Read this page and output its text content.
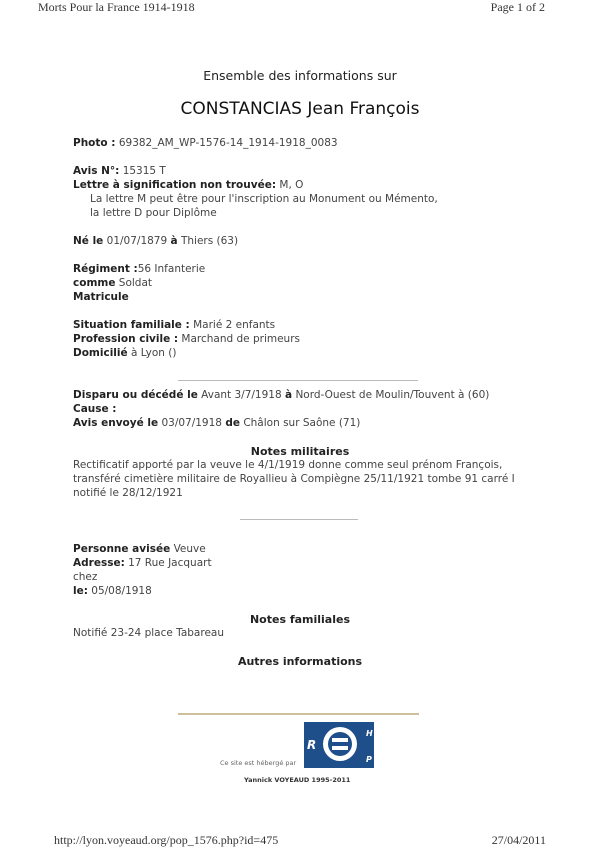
Morts Pour la France 1914-1918	Page 1 of 2
Ensemble des informations sur
CONSTANCIAS Jean François
Photo : 69382_AM_WP-1576-14_1914-1918_0083
Avis N°: 15315 T
Lettre à signification non trouvée: M, O
La lettre M peut être pour l'inscription au Monument ou Mémento,
la lettre D pour Diplôme
Né le 01/07/1879 à Thiers (63)
Régiment :56 Infanterie
comme Soldat
Matricule
Situation familiale : Marié 2 enfants
Profession civile : Marchand de primeurs
Domicilié à Lyon ()
Disparu ou décédé le Avant 3/7/1918 à Nord-Ouest de Moulin/Touvent à (60)
Cause :
Avis envoyé le 03/07/1918 de Châlon sur Saône (71)
Rectificatif apporté par la veuve le 4/1/1919 donne comme seul prénom François,
transféré cimetière militaire de Royallieu à Compiègne 25/11/1921 tombe 91 carré I
notifié le 28/12/1921
Personne avisée Veuve
Adresse: 17 Rue Jacquart
chez
le: 05/08/1918
Notifié 23-24 place Tabareau
Notes militaires
Notes familiales
Autres informations
Ce site est hébergé par
R
H
P
Yannick VOYEAUD 1995-2011
http://lyon.voyeaud.org/pop_1576.php?id=475	27/04/2011
